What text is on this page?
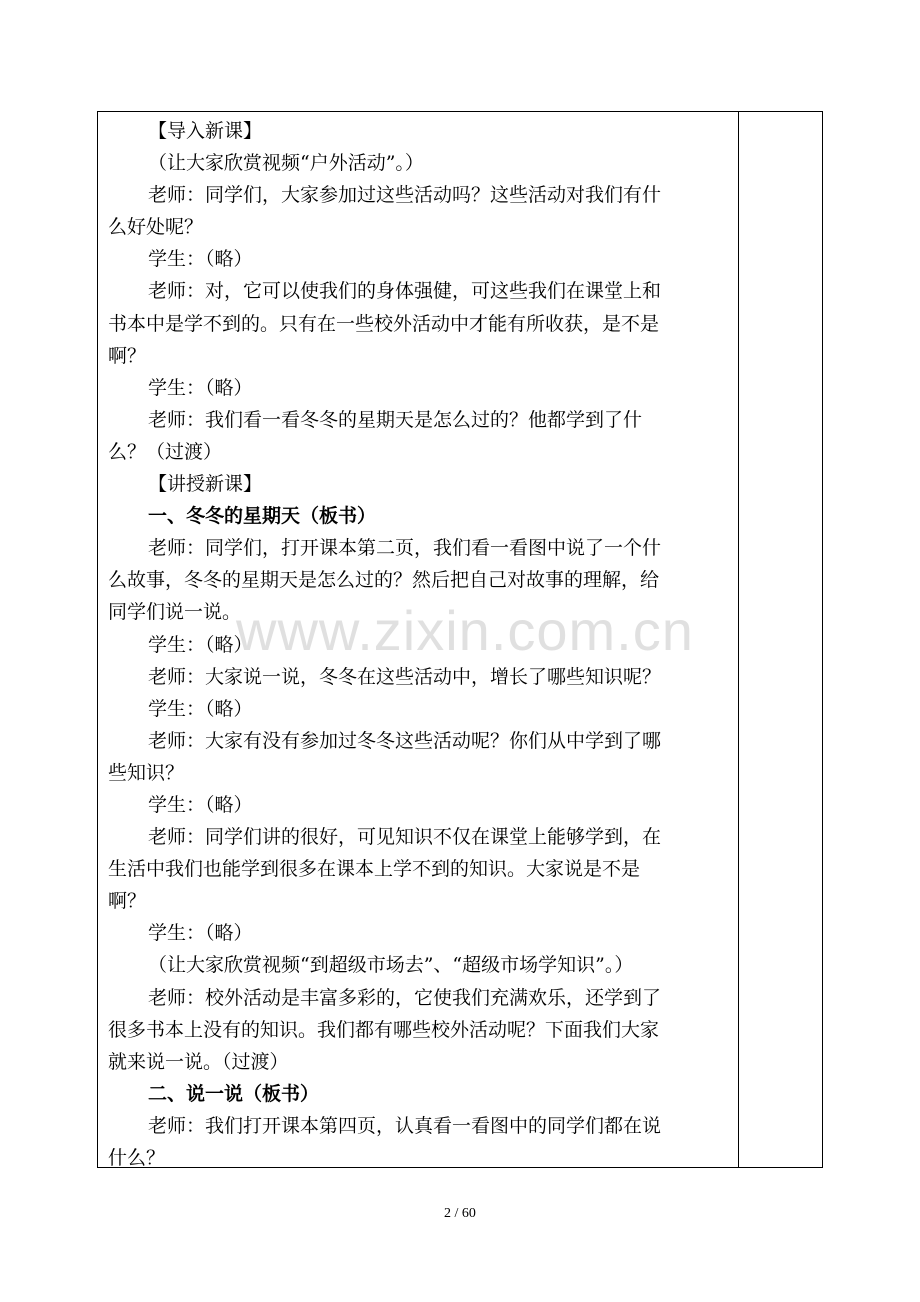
【导入新课】
（让大家欣赏视频“户外活动”。）
老师：同学们，大家参加过这些活动吗？这些活动对我们有什
么好处呢？
学生：（略）
老师：对，它可以使我们的身体强健，可这些我们在课堂上和
书本中是学不到的。只有在一些校外活动中才能有所收获，是不是
啊？
学生：（略）
老师：我们看一看冬冬的星期天是怎么过的？他都学到了什
么？（过渡）
【讲授新课】
一、冬冬的星期天（板书）
老师：同学们，打开课本第二页，我们看一看图中说了一个什
么故事，冬冬的星期天是怎么过的？然后把自己对故事的理解，给
同学们说一说。
学生：（略）
老师：大家说一说，冬冬在这些活动中，增长了哪些知识呢？
学生：（略）
老师：大家有没有参加过冬冬这些活动呢？你们从中学到了哪
些知识？
学生：（略）
老师：同学们讲的很好，可见知识不仅在课堂上能够学到，在
生活中我们也能学到很多在课本上学不到的知识。大家说是不是
啊？
学生：（略）
（让大家欣赏视频“到超级市场去”、“超级市场学知识”。）
老师：校外活动是丰富多彩的，它使我们充满欢乐，还学到了
很多书本上没有的知识。我们都有哪些校外活动呢？下面我们大家
就来说一说。（过渡）
二、说一说（板书）
老师：我们打开课本第四页，认真看一看图中的同学们都在说
什么？
www.zixin.com.cn
2 / 60
